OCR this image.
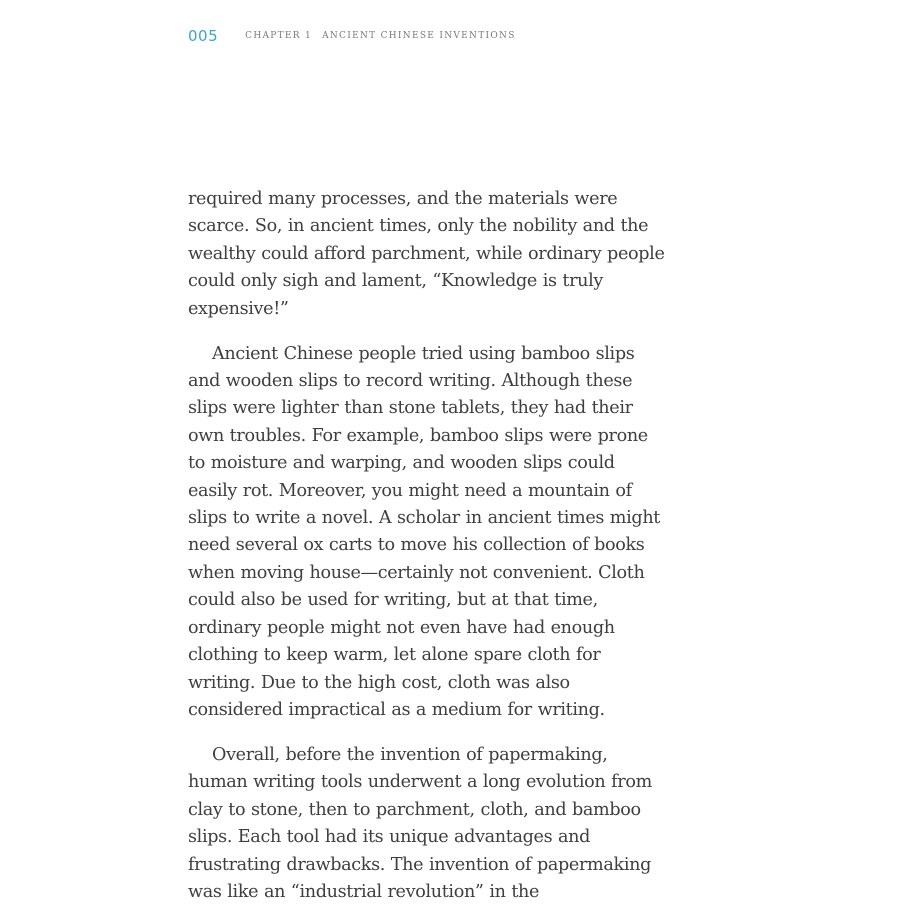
005	CHAPTER 1 ANCIENT CHINESE INVENTIONS

required many processes, and the materials were scarce. So, in ancient times, only the nobility and the wealthy could afford parchment, while ordinary people could only sigh and lament, “Knowledge is truly expensive!”

Ancient Chinese people tried using bamboo slips and wooden slips to record writing. Although these slips were lighter than stone tablets, they had their own troubles. For example, bamboo slips were prone to moisture and warping, and wooden slips could easily rot. Moreover, you might need a mountain of slips to write a novel. A scholar in ancient times might need several ox carts to move his collection of books when moving house—certainly not convenient. Cloth could also be used for writing, but at that time, ordinary people might not even have had enough clothing to keep warm, let alone spare cloth for writing. Due to the high cost, cloth was also considered impractical as a medium for writing.

Overall, before the invention of papermaking, human writing tools underwent a long evolution from clay to stone, then to parchment, cloth, and bamboo slips. Each tool had its unique advantages and frustrating drawbacks. The invention of papermaking was like an “industrial revolution” in the
